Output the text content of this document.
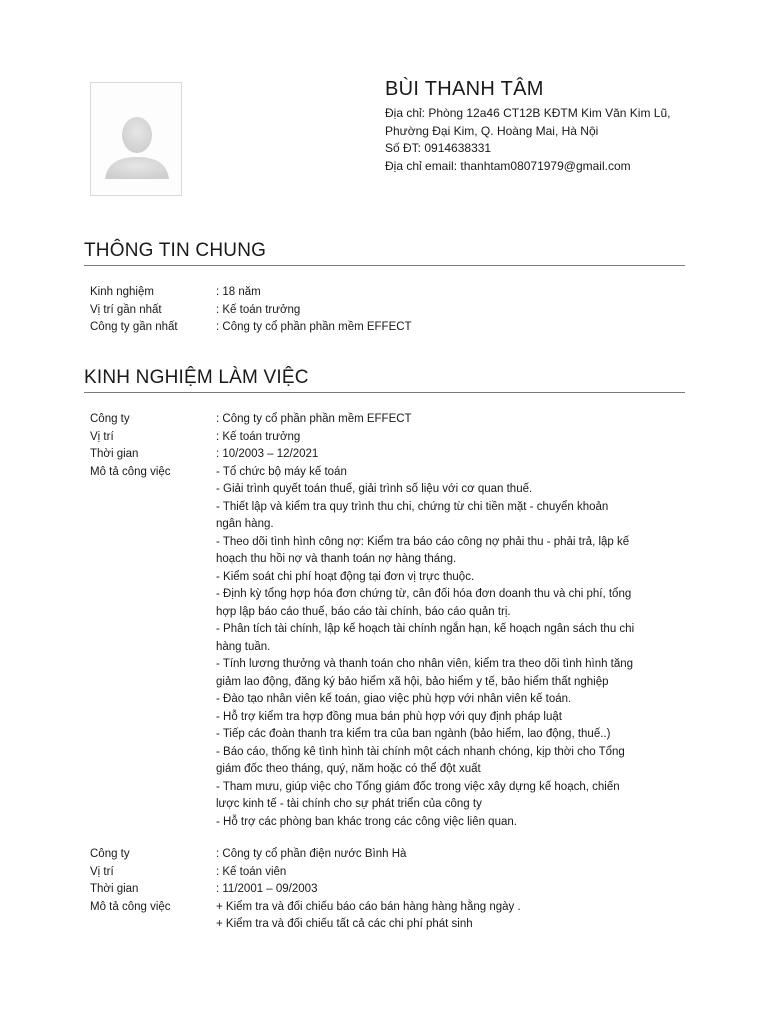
BÙI THANH TÂM
Địa chỉ: Phòng 12a46 CT12B KĐTM Kim Văn Kim Lũ,
Phường Đại Kim, Q. Hoàng Mai, Hà Nội
Số ĐT: 0914638331
Địa chỉ email: thanhtam08071979@gmail.com
THÔNG TIN CHUNG
Kinh nghiệm	: 18 năm
Vị trí gần nhất	: Kế toán trưởng
Công ty gần nhất	: Công ty cổ phần phần mềm EFFECT
KINH NGHIỆM LÀM VIỆC
Công ty	: Công ty cổ phần phần mềm EFFECT
Vị trí	: Kế toán trưởng
Thời gian	: 10/2003 – 12/2021
Mô tả công việc	- Tổ chức bộ máy kế toán
- Giải trình quyết toán thuế, giải trình số liệu với cơ quan thuế.
- Thiết lập và kiểm tra quy trình thu chi, chứng từ chi tiền mặt - chuyển khoản
ngân hàng.
- Theo dõi tình hình công nợ: Kiểm tra báo cáo công nợ phải thu - phải trả, lập kế
hoạch thu hồi nợ và thanh toán nợ hàng tháng.
- Kiểm soát chi phí hoạt động tại đơn vị trực thuộc.
- Định kỳ tổng hợp hóa đơn chứng từ, cân đối hóa đơn doanh thu và chi phí, tổng
hợp lập báo cáo thuế, báo cáo tài chính, báo cáo quản trị.
- Phân tích tài chính, lập kế hoạch tài chính ngắn hạn, kế hoạch ngân sách thu chi
hàng tuần.
- Tính lương thưởng và thanh toán cho nhân viên, kiểm tra theo dõi tình hình tăng
giảm lao động, đăng ký bảo hiểm xã hội, bảo hiểm y tế, bảo hiểm thất nghiệp
- Đào tạo nhân viên kế toán, giao việc phù hợp với nhân viên kế toán.
- Hỗ trợ kiểm tra hợp đồng mua bán phù hợp với quy định pháp luật
- Tiếp các đoàn thanh tra kiểm tra của ban ngành (bảo hiểm, lao động, thuế..)
- Báo cáo, thống kê tình hình tài chính một cách nhanh chóng, kịp thời cho Tổng
giám đốc theo tháng, quý, năm hoặc có thể đột xuất
- Tham mưu, giúp việc cho Tổng giám đốc trong việc xây dựng kế hoạch, chiến
lược kinh tế - tài chính cho sự phát triển của công ty
- Hỗ trợ các phòng ban khác trong các công việc liên quan.
Công ty	: Công ty cổ phần điện nước Bình Hà
Vị trí	: Kế toán viên
Thời gian	: 11/2001 – 09/2003
Mô tả công việc	+ Kiểm tra và đối chiếu báo cáo bán hàng hàng hằng ngày .
+ Kiểm tra và đối chiếu tất cả các chi phí phát sinh
